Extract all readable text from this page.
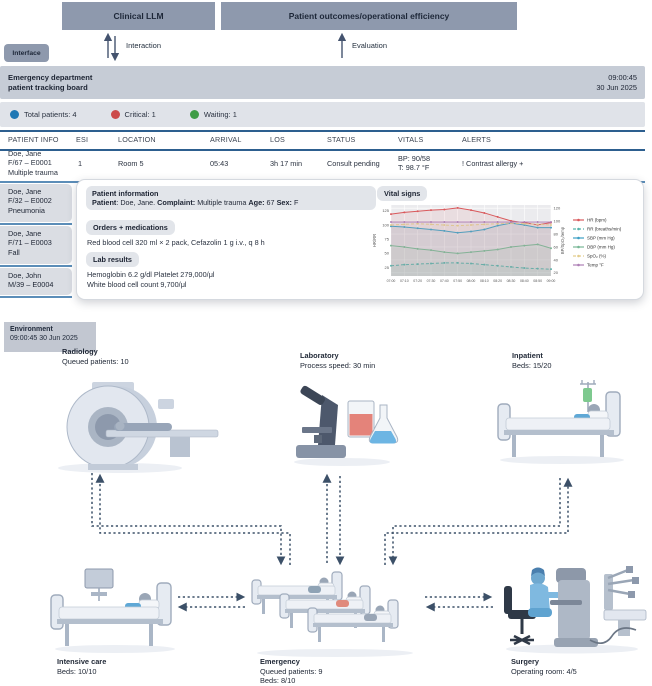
Clinical LLM	Patient outcomes/operational efficiency
Interaction	Evaluation
Interface
Emergency department
patient tracking board
09:00:45
30 Jun 2025
Total patients: 4	Critical: 1	Waiting: 1
PATIENT INFO ESI	LOCATION	ARRIVAL	LOS	STATUS	VITALS	ALERTS
Doe, Jane
F/67 – E0001
Multiple trauma
1	Room 5	05:43	3h 17 min	Consult pending
BP: 90/58
T: 98.7 °F	! Contrast allergy +
Doe, Jane
F/32 – E0002
Pneumonia
Doe, Jane
F/71 – E0003
Fall
Doe, John
M/39 – E0004
Patient information
Patient: Doe, Jane. Complaint: Multiple trauma Age: 67 Sex: F
Orders + medications
Red blood cell 320 ml × 2 pack, Cefazolin 1 g i.v., q 8 h
Lab results
Hemoglobin 6.2 g/dl Platelet 279,000/μl
White blood cell count 9,700/μl
Vital signs
25
50
75
100
125
20
40
60
80
100
120
07:00 07:10 07:20 07:30 07:40 07:50 08:00 08:10 08:20 08:30 08:40 08:50 09:00
HR/RR	BP/SpO₂/temp
HR (bpm)
RR (breaths/min)
SBP (mm Hg)
DBP (mm Hg)
SpO₂ (%)
Temp °F
Environment
09:00:45 30 Jun 2025
Radiology
Queued patients: 10
Laboratory
Process speed: 30 min
Inpatient
Beds: 15/20
Intensive care
Beds: 10/10
Emergency
Queued patients: 9
Beds: 8/10
Surgery
Operating room: 4/5
